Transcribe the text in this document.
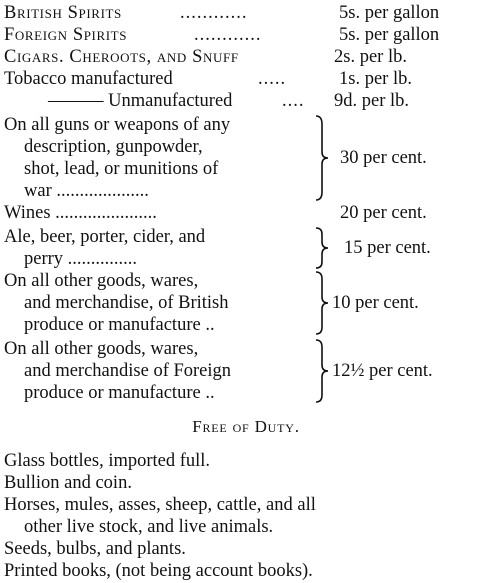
British Spirits	............	5s. per gallon
Foreign Spirits	............	5s. per gallon
Cigars. Cheroots, and Snuff	2s. per lb.
Tobacco manufactured	.....	1s. per lb.
——— Unmanufactured	.... 9d. per lb.
On all guns or weapons of any
description, gunpowder,
shot, lead, or munitions of
war ....................
30 per cent.
Wines ......................	20 per cent.
Ale, beer, porter, cider, and
perry ...............
15 per cent.
On all other goods, wares,
and merchandise, of British
produce or manufacture ..
10 per cent.
On all other goods, wares,
and merchandise of Foreign
produce or manufacture ..
12½ per cent.
Free of Duty.
Glass bottles, imported full.
Bullion and coin.
Horses, mules, asses, sheep, cattle, and all
other live stock, and live animals.
Seeds, bulbs, and plants.
Printed books, (not being account books).
